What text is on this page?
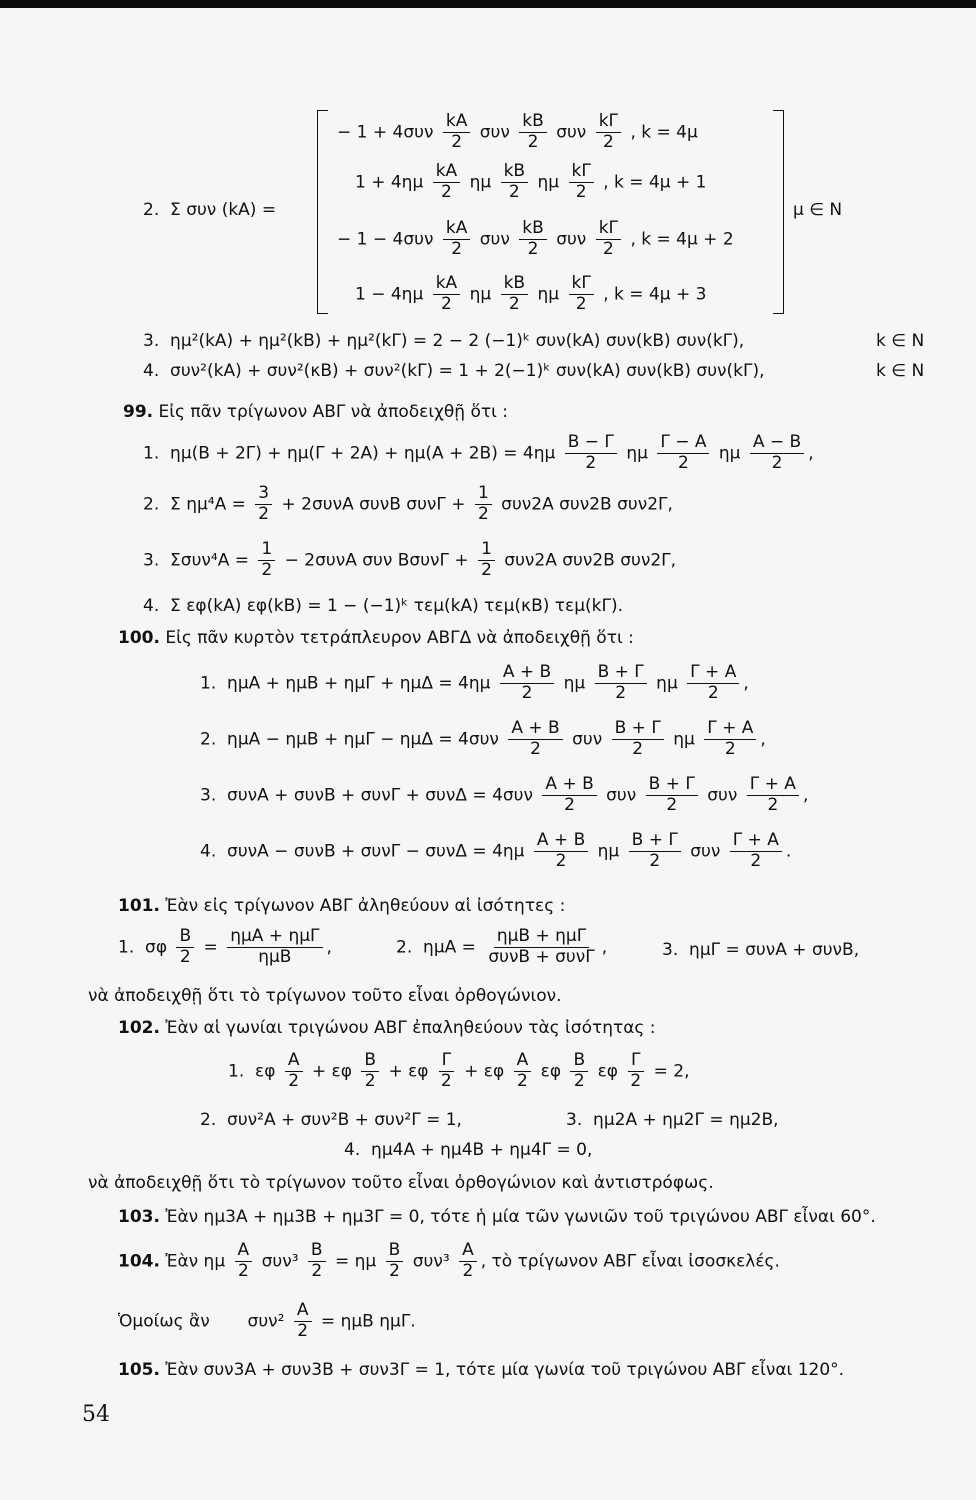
2. Σ συν (kA) =
− $1 + 4\sigma\upsilon\nu \frac{kA}{2}$ συν $\frac{kB}{2}$ συν $\frac{k\Gamma}{2}$ , k = 4μ
$1 + 4\eta\mu \frac{kA}{2}$ ημ $\frac{kB}{2}$ ημ $\frac{k\Gamma}{2}$ , k = 4μ + 1
− $1 - 4\sigma\upsilon\nu \frac{kA}{2}$ συν $\frac{kB}{2}$ συν $\frac{k\Gamma}{2}$ , k = 4μ + 2
$1 - 4\eta\mu \frac{kA}{2}$ ημ $\frac{kB}{2}$ ημ $\frac{k\Gamma}{2}$ , k = 4μ + 3
μ ∈ N
3. ημ²(kA) + ημ²(kB) + ημ²(kΓ) = 2 − 2 (−1)ᵏ συν(kA) συν(kB) συν(kΓ),	k ∈ N
4. συν²(kA) + συν²(κB) + συν²(kΓ) = 1 + 2(−1)ᵏ συν(kA) συν(kB) συν(kΓ),	k ∈ N
99. Εἰς πᾶν τρίγωνον ΑΒΓ νὰ ἀποδειχθῇ ὅτι :
1. $\eta\mu(B + 2\Gamma) + \eta\mu(\Gamma + 2A) + \eta\mu(A + 2B) = 4\eta\mu \frac{B - \Gamma}{2}$ ημ $\frac{\Gamma - A}{2}$ ημ $\frac{A - B}{2}$ ,
2. Σ $\eta\mu^4A = \frac{3}{2} + 2\sigma\upsilon\nu A$ συνΒ $\sigma\upsilon\nu\Gamma + \frac{1}{2} \sigma\upsilon\nu 2A$ συν2Β συν2Γ,
3. $\Sigma\sigma\upsilon\nu^4A = \frac{1}{2} - 2\sigma\upsilon\nu A$ συν $B\sigma\upsilon\nu\Gamma + \frac{1}{2} \sigma\upsilon\nu 2A$ συν2Β συν2Γ,
4. Σ εφ(kA) εφ(kB) = 1 − (−1)ᵏ τεμ(kA) τεμ(κΒ) τεμ(kΓ).
100. Εἰς πᾶν κυρτὸν τετράπλευρον ΑΒΓΔ νὰ ἀποδειχθῇ ὅτι :
1. $\eta\mu A + \eta\mu B + \eta\mu\Gamma + \eta\mu\Delta = 4\eta\mu \frac{A + B}{2}$ ημ $\frac{B + \Gamma}{2}$ ημ $\frac{\Gamma + A}{2}$ ,
2. $\eta\mu A - \eta\mu B + \eta\mu\Gamma - \eta\mu\Delta = 4\sigma\upsilon\nu \frac{A + B}{2}$ συν $\frac{B + \Gamma}{2}$ ημ $\frac{\Gamma + A}{2}$ ,
3. $\sigma\upsilon\nu A + \sigma\upsilon\nu B + \sigma\upsilon\nu\Gamma + \sigma\upsilon\nu\Delta = 4\sigma\upsilon\nu \frac{A + B}{2}$ συν $\frac{B + \Gamma}{2}$ συν $\frac{\Gamma + A}{2}$ ,
4. $\sigma\upsilon\nu A - \sigma\upsilon\nu B + \sigma\upsilon\nu\Gamma - \sigma\upsilon\nu\Delta = 4\eta\mu \frac{A + B}{2}$ ημ $\frac{B + \Gamma}{2}$ συν $\frac{\Gamma + A}{2}$ .
101. Ἐὰν εἰς τρίγωνον ΑΒΓ ἀληθεύουν αἱ ἰσότητες :
1. σφ $\frac{B}{2} = \frac{\text{ημΑ + ημΓ}}{\text{ημΒ}}$ ,	2. $\eta\mu A = \frac{\text{ημΒ + ημΓ}}{\text{συνΒ + συνΓ}}$ ,	3. ημΓ = συνΑ + συνΒ,
νὰ ἀποδειχθῇ ὅτι τὸ τρίγωνον τοῦτο εἶναι ὀρθογώνιον.
102. Ἐὰν αἱ γωνίαι τριγώνου ΑΒΓ ἐπαληθεύουν τὰς ἰσότητας :
1. εφ $\frac{A}{2} + \varepsilon\varphi \frac{B}{2} + \varepsilon\varphi \frac{\Gamma}{2} + \varepsilon\varphi \frac{A}{2}$ εφ $\frac{B}{2}$ εφ $\frac{\Gamma}{2} = 2$,
2. συν²Α + συν²Β + συν²Γ = 1,	3. ημ2Α + ημ2Γ = ημ2Β,
4. ημ4Α + ημ4Β + ημ4Γ = 0,
νὰ ἀποδειχθῇ ὅτι τὸ τρίγωνον τοῦτο εἶναι ὀρθογώνιον καὶ ἀντιστρόφως.
103. Ἐὰν ημ3Α + ημ3Β + ημ3Γ = 0, τότε ἡ μία τῶν γωνιῶν τοῦ τριγώνου ΑΒΓ εἶναι 60°.
104. Ἐὰν ημ $\frac{A}{2} \sigma\upsilon\nu^3 \frac{B}{2} = \eta\mu \frac{B}{2} \sigma\upsilon\nu^3 \frac{A}{2}$ , τὸ τρίγωνον ΑΒΓ εἶναι ἰσοσκελές.
Ὁμοίως ἂν $\sigma\upsilon\nu^2 \frac{A}{2} = \eta\mu B$ ημΓ.
105. Ἐὰν συν3Α + συν3Β + συν3Γ = 1, τότε μία γωνία τοῦ τριγώνου ΑΒΓ εἶναι 120°.
54
